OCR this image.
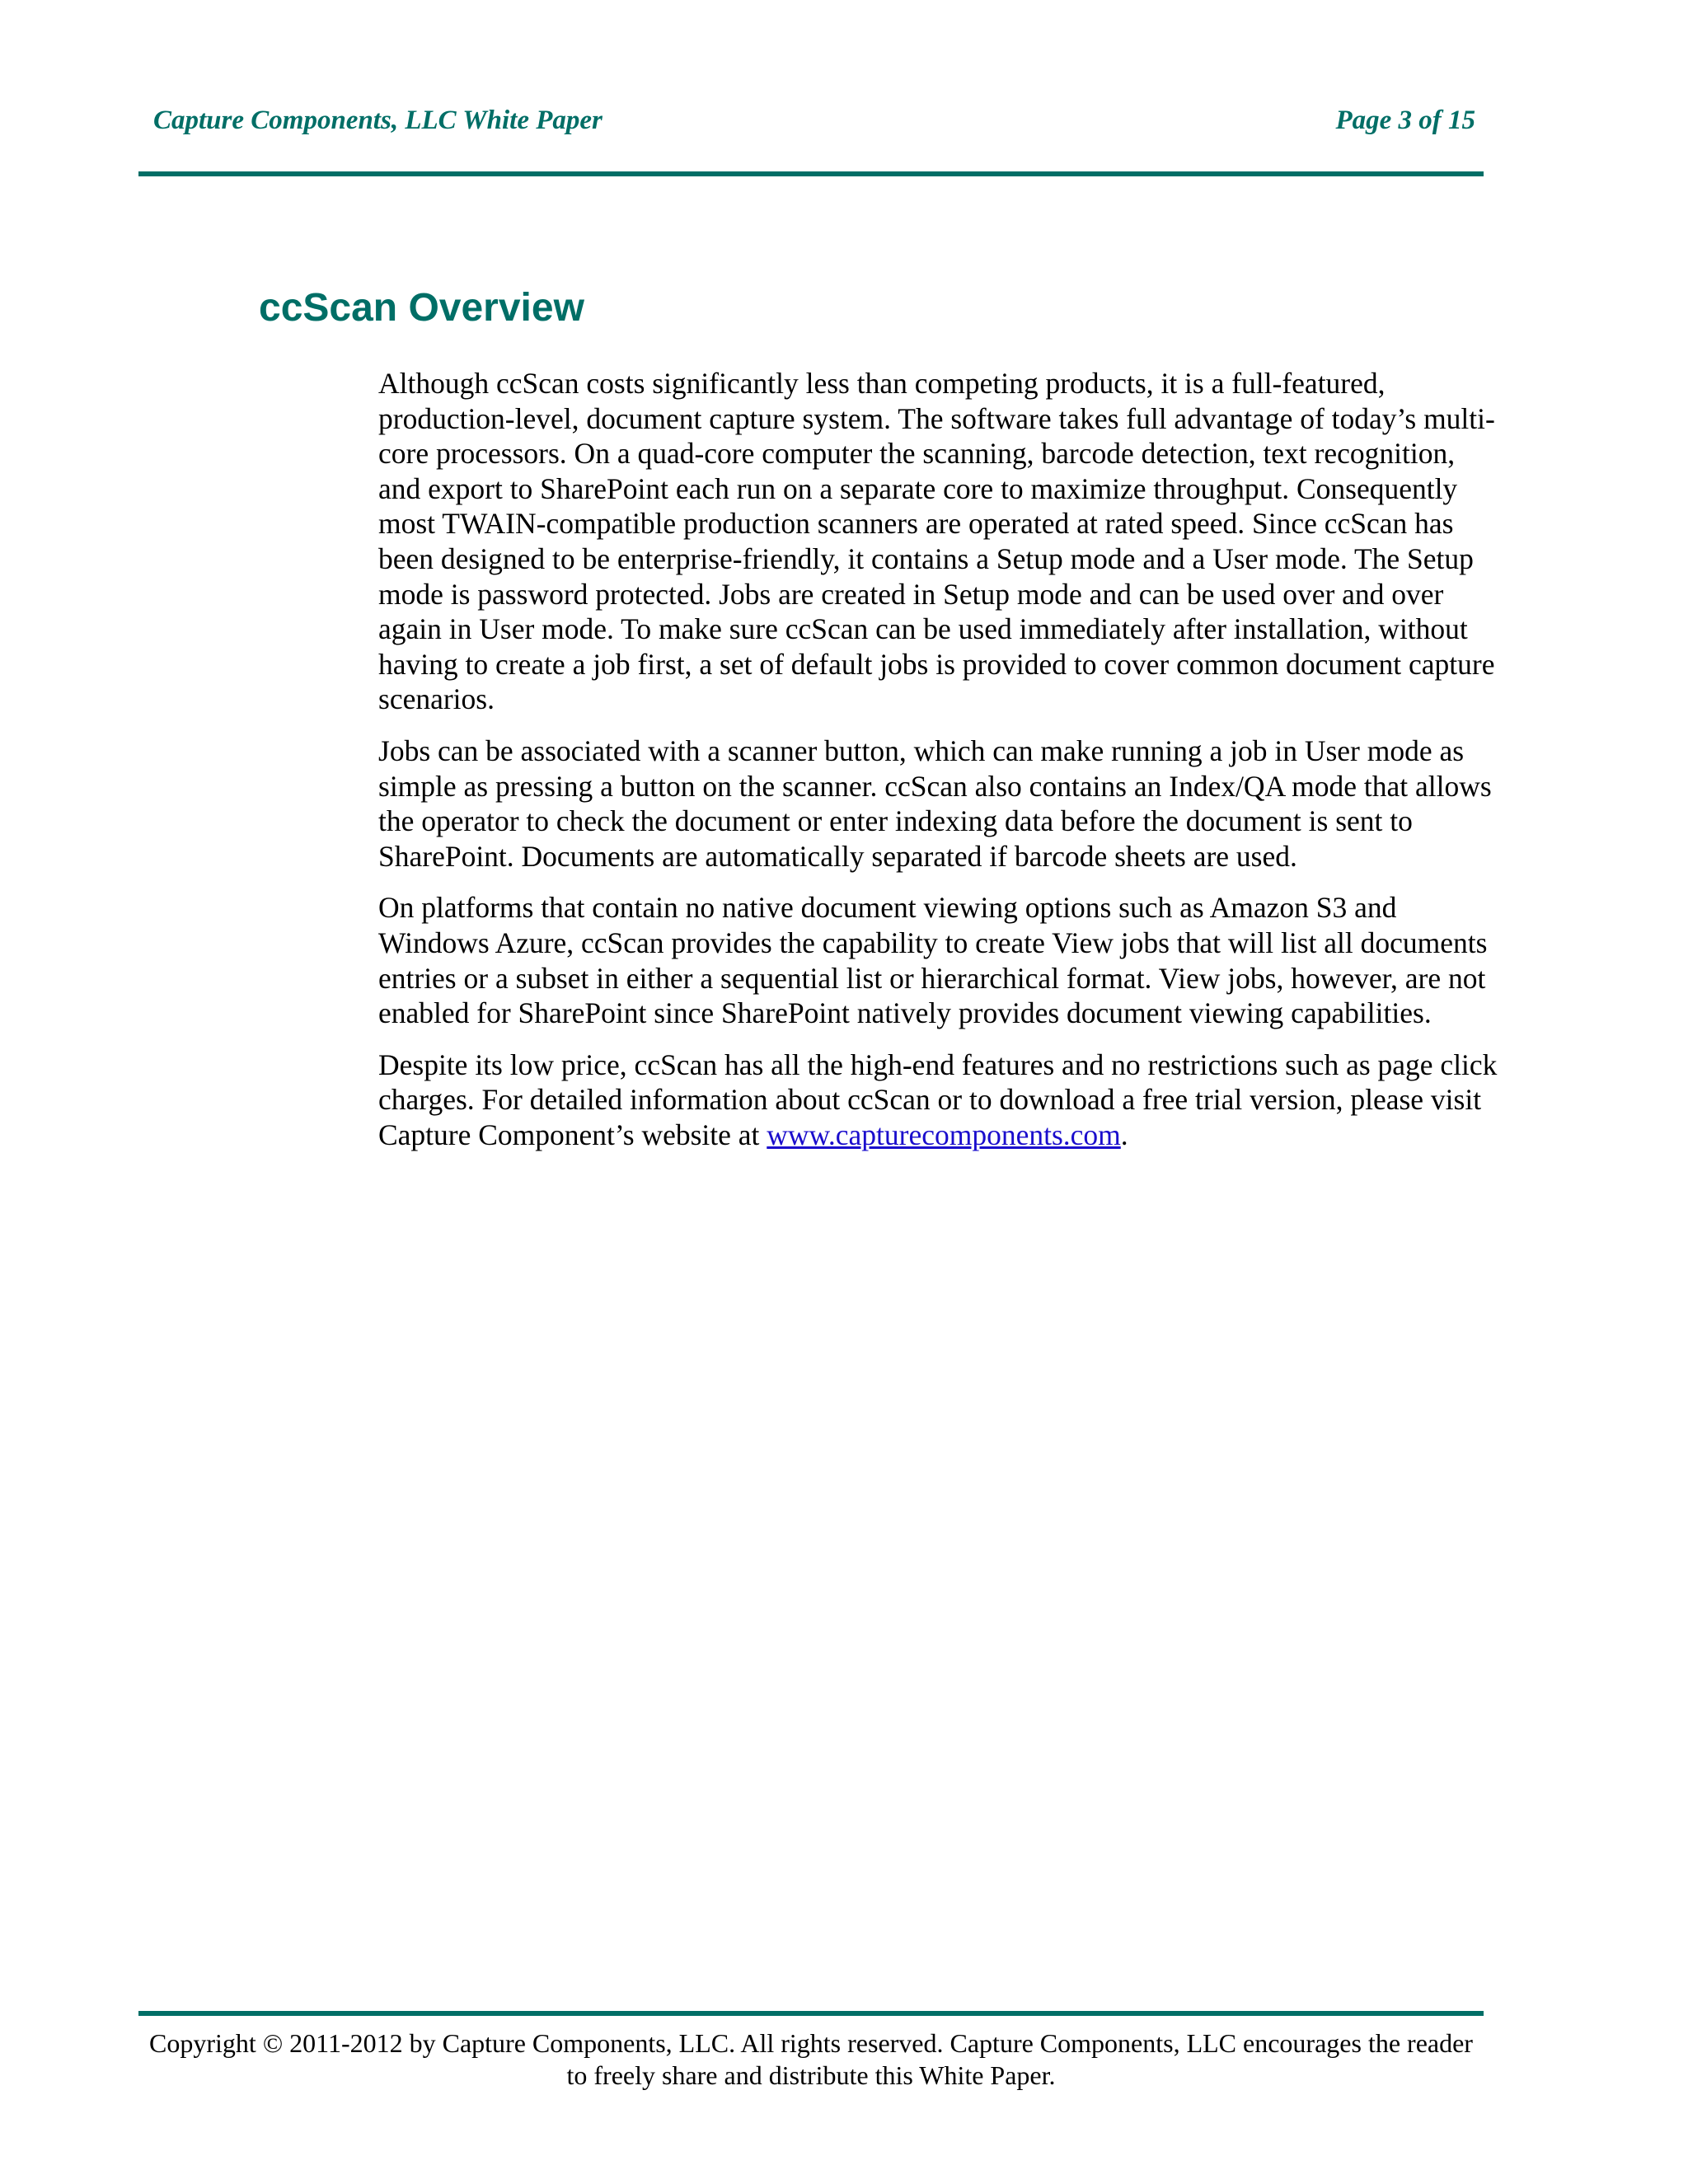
Capture Components, LLC White Paper	Page 3 of 15
ccScan Overview

Although ccScan costs significantly less than competing products, it is a full-featured, production-level, document capture system. The software takes full advantage of today’s multi-core processors. On a quad-core computer the scanning, barcode detection, text recognition, and export to SharePoint each run on a separate core to maximize throughput. Consequently most TWAIN-compatible production scanners are operated at rated speed. Since ccScan has been designed to be enterprise-friendly, it contains a Setup mode and a User mode. The Setup mode is password protected. Jobs are created in Setup mode and can be used over and over again in User mode. To make sure ccScan can be used immediately after installation, without having to create a job first, a set of default jobs is provided to cover common document capture scenarios.

Jobs can be associated with a scanner button, which can make running a job in User mode as simple as pressing a button on the scanner. ccScan also contains an Index/QA mode that allows the operator to check the document or enter indexing data before the document is sent to SharePoint. Documents are automatically separated if barcode sheets are used.

On platforms that contain no native document viewing options such as Amazon S3 and Windows Azure, ccScan provides the capability to create View jobs that will list all documents entries or a subset in either a sequential list or hierarchical format. View jobs, however, are not enabled for SharePoint since SharePoint natively provides document viewing capabilities.

Despite its low price, ccScan has all the high-end features and no restrictions such as page click charges. For detailed information about ccScan or to download a free trial version, please visit Capture Component’s website at www.capturecomponents.com.

Copyright © 2011-2012 by Capture Components, LLC. All rights reserved. Capture Components, LLC encourages the reader to freely share and distribute this White Paper.
